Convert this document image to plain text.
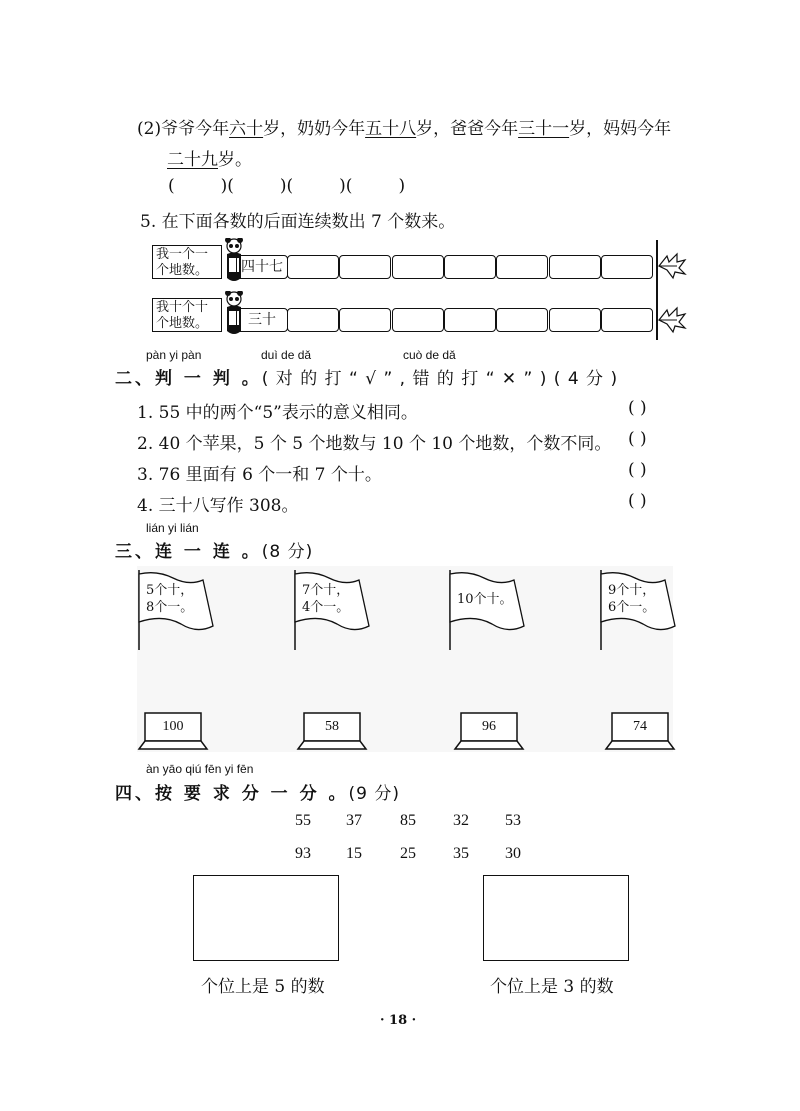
(2)爷爷今年六十岁，奶奶今年五十八岁，爸爸今年三十一岁，妈妈今年
二十九岁。
(	)(	)(	)(	)
5. 在下面各数的后面连续数出 7 个数来。
我一个一
个地数。	四十七
我十个十
个地数。	三十
pàn yi pàn	duì de dǎ	cuò de dǎ
二、判 一 判 。( 对 的 打 “ √ ” , 错 的 打 “ ✕ ” ) ( 4 分 )
1. 55 中的两个“5”表示的意义相同。	( )
2. 40 个苹果，5 个 5 个地数与 10 个 10 个地数，个数不同。 ( )
3. 76 里面有 6 个一和 7 个十。	( )
4. 三十八写作 308。	( )
lián yi lián
三、连 一 连 。(8 分)
5个十，
8个一。
7个十，
4个一。
10个十。
9个十，
6个一。
100	58	96	74
àn yāo qiú fēn yi fēn
四、按 要 求 分 一 分 。(9 分)
55 37 85 32 53
93 15 25 35 30
个位上是 5 的数	个位上是 3 的数
· 18 ·
